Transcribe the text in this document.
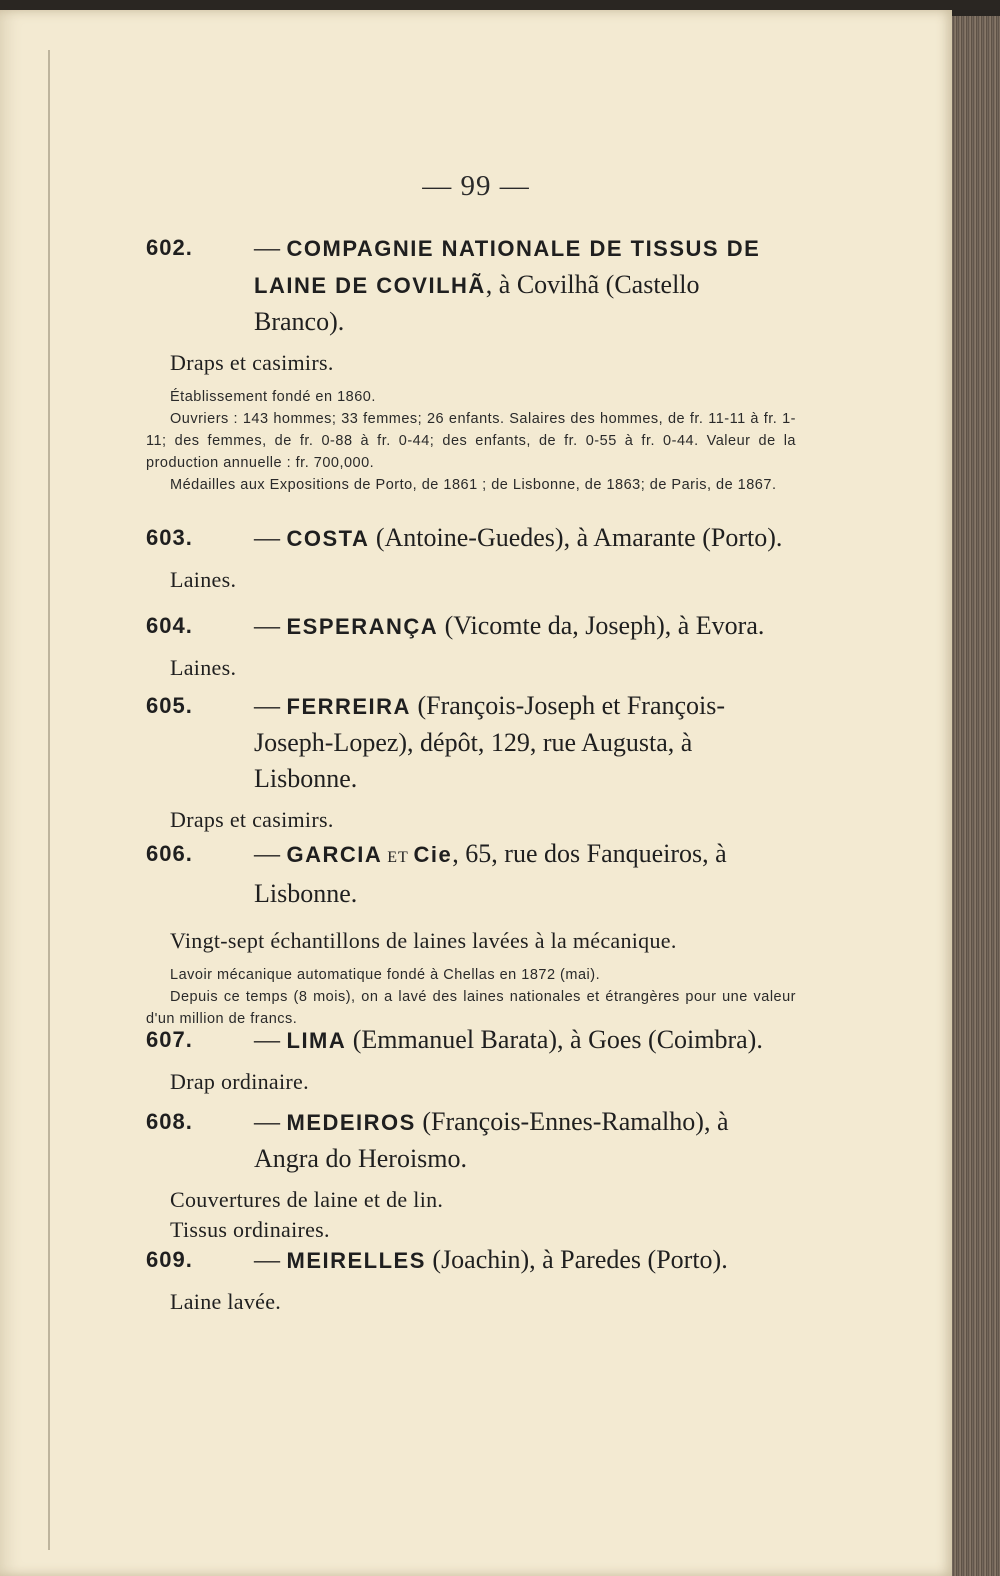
— 99 —
602.	— COMPAGNIE NATIONALE DE TISSUS DE LAINE DE COVILHÃ, à Covilhã (Castello Branco).
Draps et casimirs.

Établissement fondé en 1860.

Ouvriers : 143 hommes; 33 femmes; 26 enfants. Salaires des hommes, de fr. 11-11 à fr. 1-11; des femmes, de fr. 0-88 à fr. 0-44; des enfants, de fr. 0-55 à fr. 0-44. Valeur de la production annuelle : fr. 700,000.

Médailles aux Expositions de Porto, de 1861 ; de Lisbonne, de 1863; de Paris, de 1867.

603.	— COSTA (Antoine-Guedes), à Amarante (Porto).
Laines.
604.	— ESPERANÇA (Vicomte da, Joseph), à Evora.
Laines.
605.	— FERREIRA (François-Joseph et François-Joseph-Lopez), dépôt, 129, rue Augusta, à Lisbonne.
Draps et casimirs.
606.	— GARCIA ET Cie, 65, rue dos Fanqueiros, à Lisbonne.
Vingt-sept échantillons de laines lavées à la mécanique.

Lavoir mécanique automatique fondé à Chellas en 1872 (mai).

Depuis ce temps (8 mois), on a lavé des laines nationales et étrangères pour une valeur d'un million de francs.

607.	— LIMA (Emmanuel Barata), à Goes (Coimbra).
Drap ordinaire.
608.	— MEDEIROS (François-Ennes-Ramalho), à Angra do Heroismo.
Couvertures de laine et de lin.
Tissus ordinaires.
609.	— MEIRELLES (Joachin), à Paredes (Porto).
Laine lavée.
